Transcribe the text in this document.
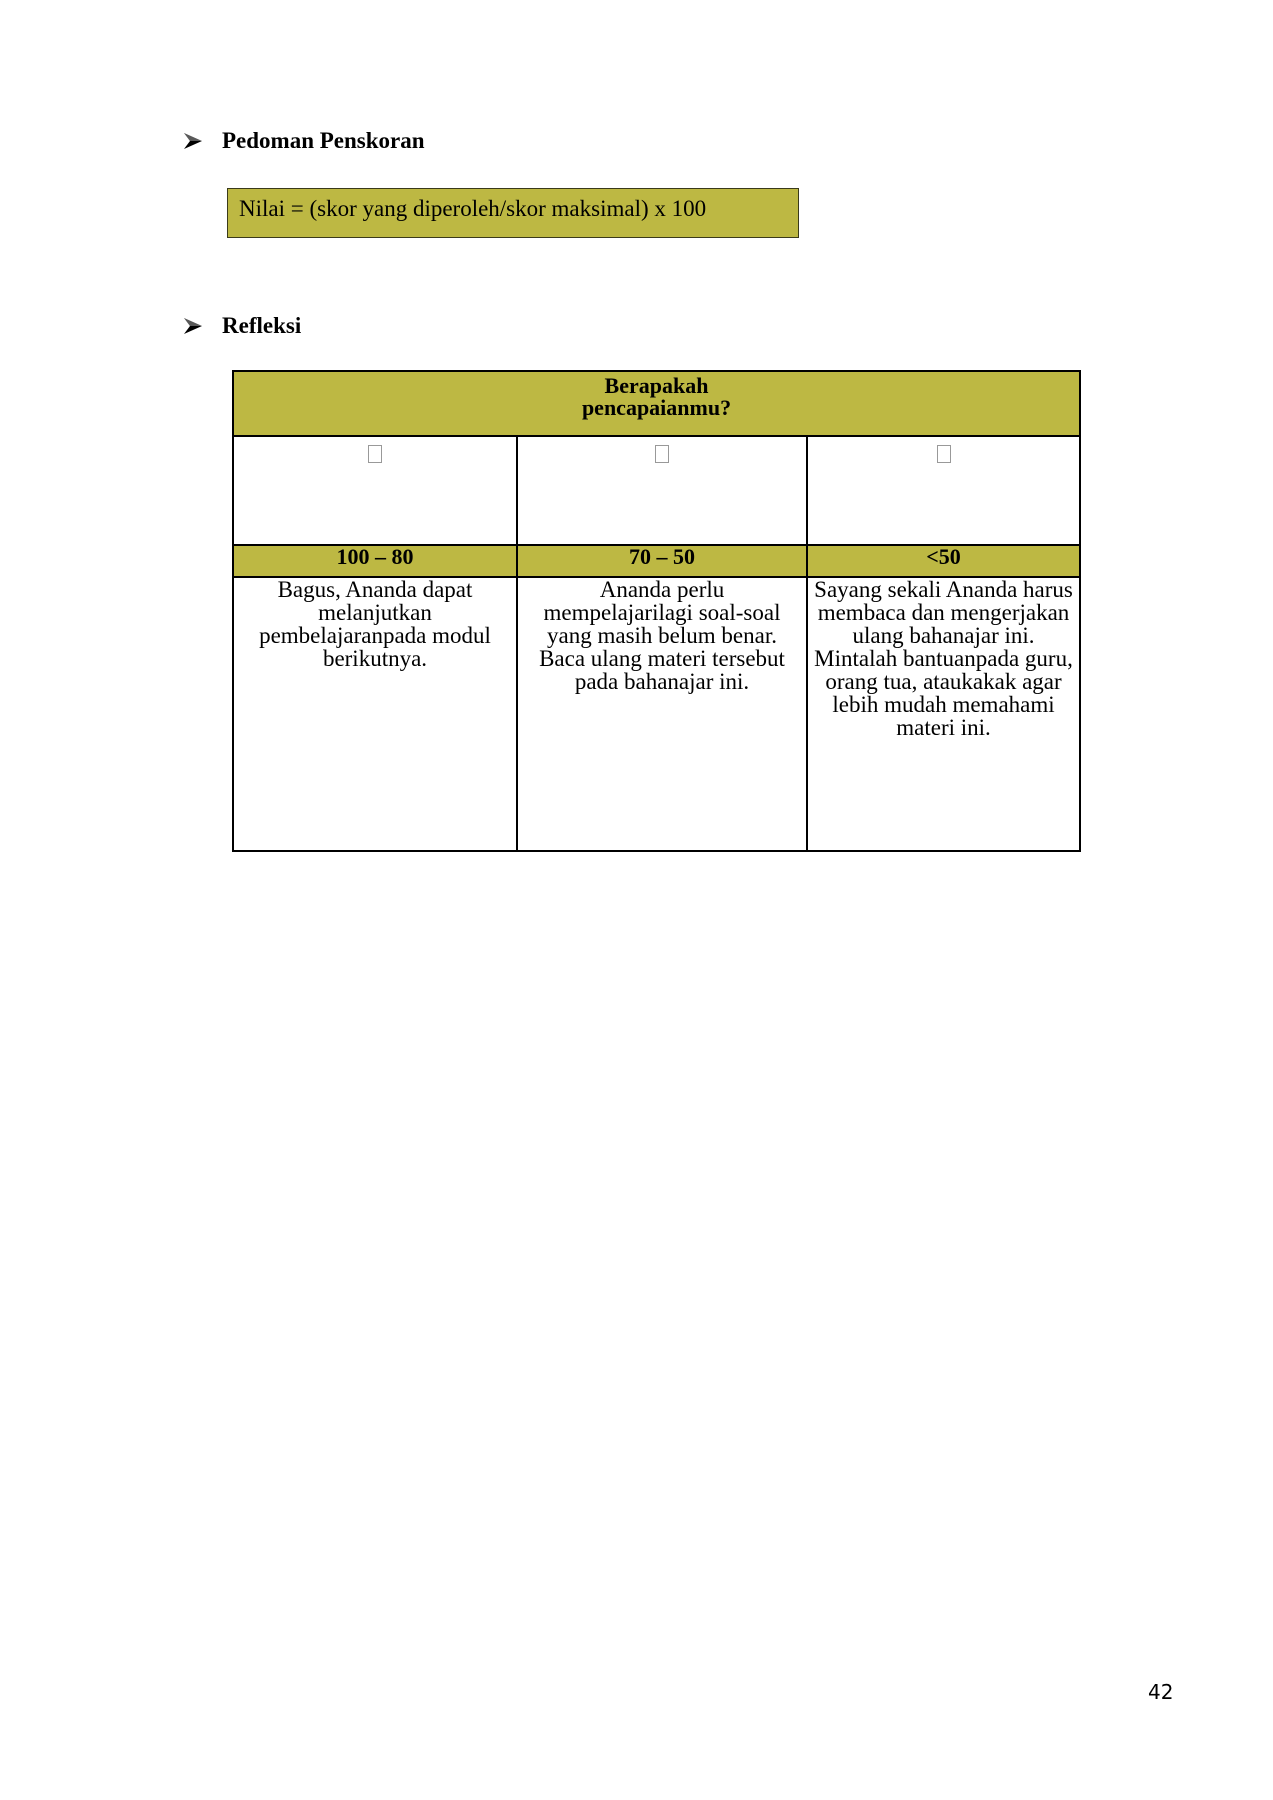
Pedoman Penskoran
Nilai = (skor yang diperoleh/skor maksimal) x 100
Refleksi
Berapakah
pencapaianmu?		

100 – 80	70 – 50	<50
Bagus, Ananda dapat melanjutkan pembelajaranpada modul berikutnya.	Ananda perlu mempelajarilagi soal-soal yang masih belum benar. Baca ulang materi tersebut pada bahanajar ini.	Sayang sekali Ananda harus membaca dan mengerjakan ulang bahanajar ini. Mintalah bantuanpada guru, orang tua, ataukakak agar lebih mudah memahami materi ini.
42
